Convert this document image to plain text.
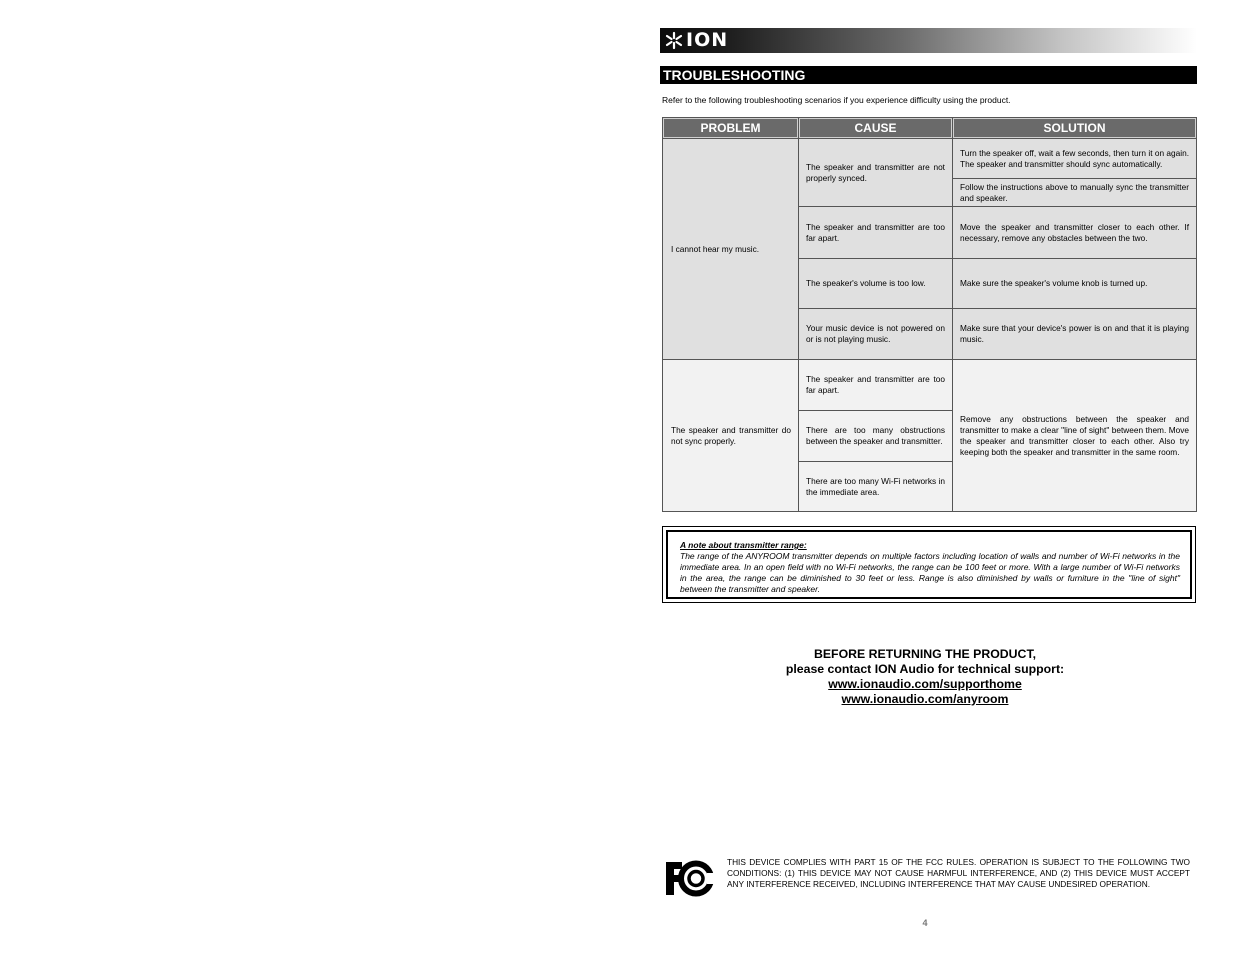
ION
TROUBLESHOOTING
Refer to the following troubleshooting scenarios if you experience difficulty using the product.
PROBLEM	CAUSE	SOLUTION
I cannot hear my music.	The speaker and transmitter are not properly synced.	Turn the speaker off, wait a few seconds, then turn it on again. The speaker and transmitter should sync automatically.
		Follow the instructions above to manually sync the transmitter and speaker.
	The speaker and transmitter are too far apart.	Move the speaker and transmitter closer to each other. If necessary, remove any obstacles between the two.
	The speaker's volume is too low.	Make sure the speaker's volume knob is turned up.
	Your music device is not powered on or is not playing music.	Make sure that your device's power is on and that it is playing music.
The speaker and transmitter do not sync properly.	The speaker and transmitter are too far apart.	Remove any obstructions between the speaker and transmitter to make a clear "line of sight" between them. Move the speaker and transmitter closer to each other. Also try keeping both the speaker and transmitter in the same room.
	There are too many obstructions between the speaker and transmitter.	
	There are too many Wi-Fi networks in the immediate area.	
A note about transmitter range:
The range of the ANYROOM transmitter depends on multiple factors including location of walls and number of Wi-Fi networks in the immediate area. In an open field with no Wi-Fi networks, the range can be 100 feet or more. With a large number of Wi-Fi networks in the area, the range can be diminished to 30 feet or less. Range is also diminished by walls or furniture in the "line of sight" between the transmitter and speaker.
BEFORE RETURNING THE PRODUCT,
please contact ION Audio for technical support:
www.ionaudio.com/supporthome
www.ionaudio.com/anyroom
FC	THIS DEVICE COMPLIES WITH PART 15 OF THE FCC RULES. OPERATION IS SUBJECT TO THE FOLLOWING TWO CONDITIONS: (1) THIS DEVICE MAY NOT CAUSE HARMFUL INTERFERENCE, AND (2) THIS DEVICE MUST ACCEPT ANY INTERFERENCE RECEIVED, INCLUDING INTERFERENCE THAT MAY CAUSE UNDESIRED OPERATION.
4
